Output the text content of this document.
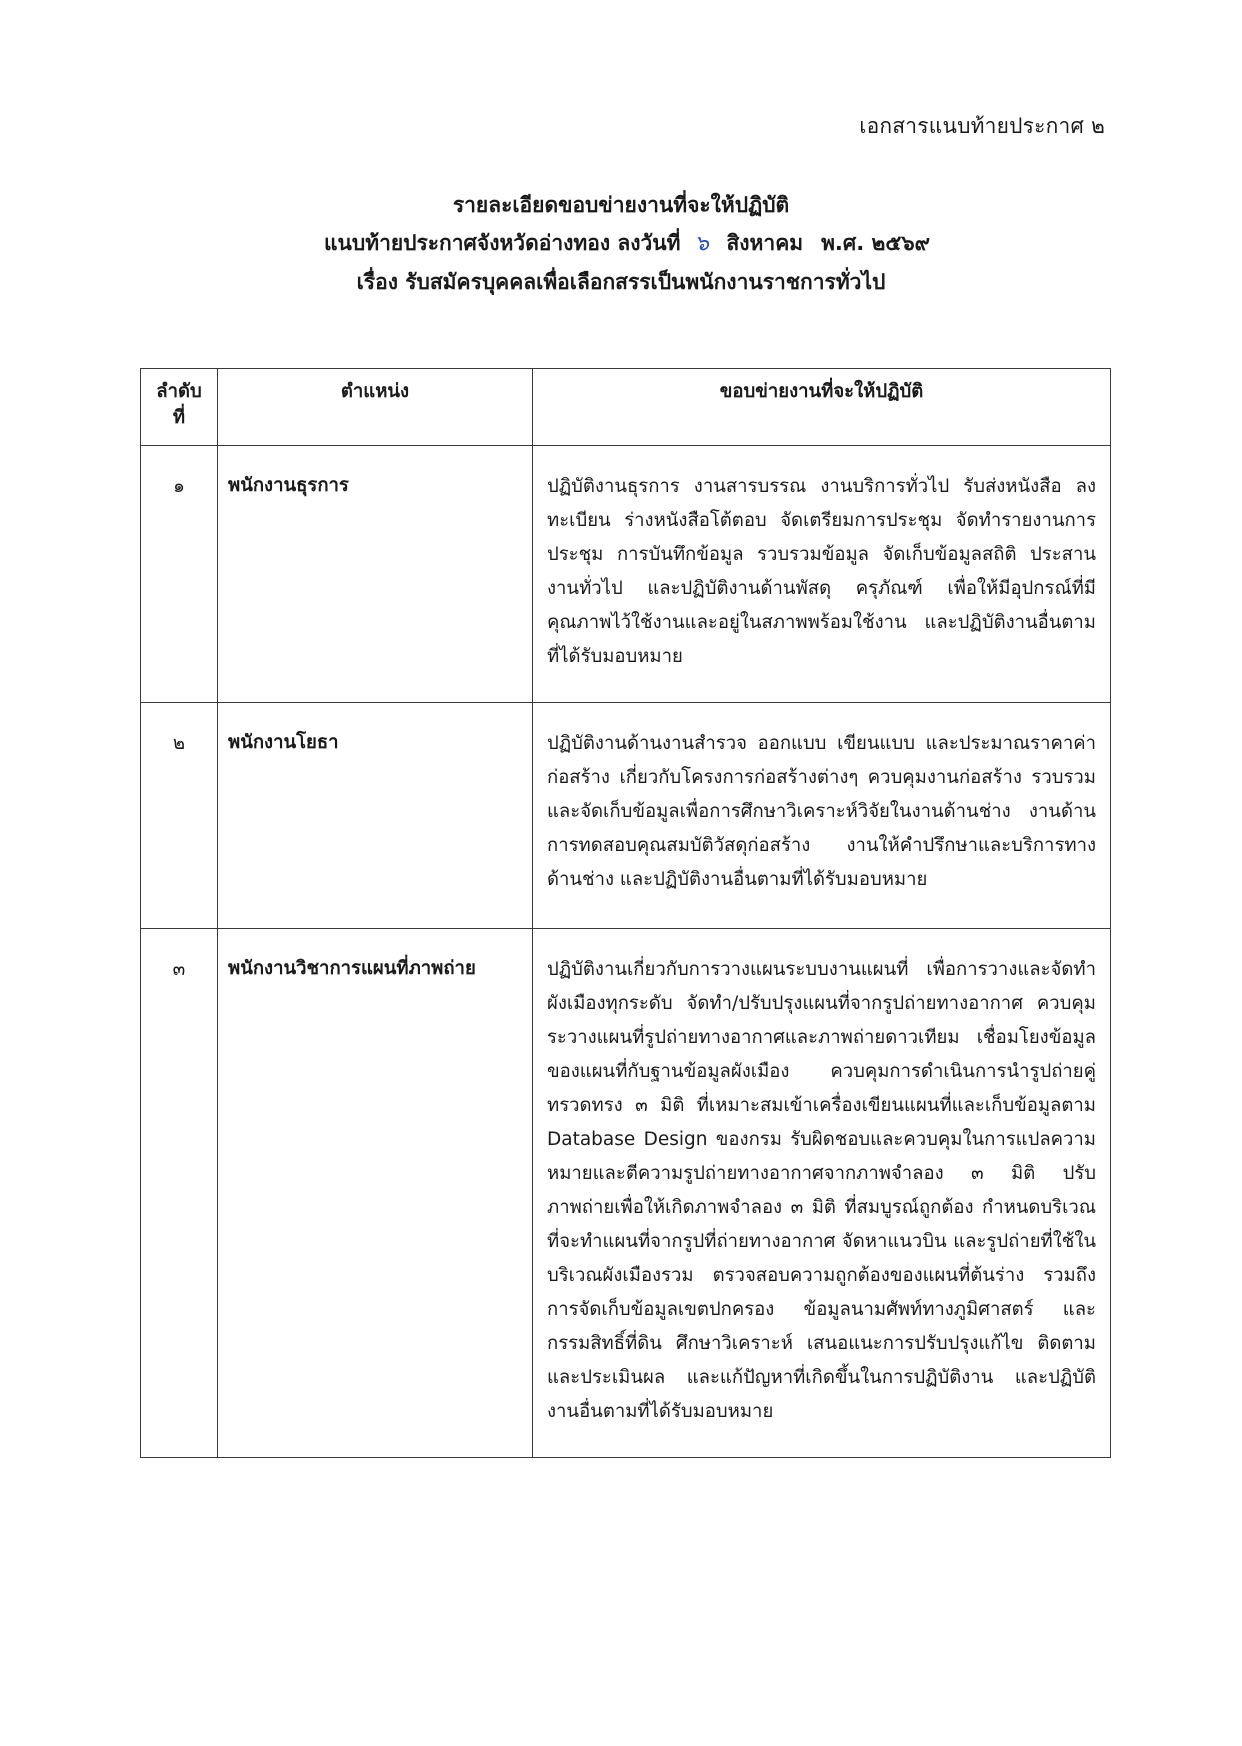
เอกสารแนบท้ายประกาศ ๒
รายละเอียดขอบข่ายงานที่จะให้ปฏิบัติ
แนบท้ายประกาศจังหวัดอ่างทอง ลงวันที่ ๖ สิงหาคม พ.ศ. ๒๕๖๙
เรื่อง รับสมัครบุคคลเพื่อเลือกสรรเป็นพนักงานราชการทั่วไป
ลำดับ ที่	ตำแหน่ง	ขอบข่ายงานที่จะให้ปฏิบัติ
๑	พนักงานธุรการ	ปฏิบัติงานธุรการ งานสารบรรณ งานบริการทั่วไป รับส่งหนังสือ ลงทะเบียน ร่างหนังสือโต้ตอบ จัดเตรียมการประชุม จัดทำรายงานการประชุม การบันทึกข้อมูล รวบรวมข้อมูล จัดเก็บข้อมูลสถิติ ประสานงานทั่วไป และปฏิบัติงานด้านพัสดุ ครุภัณฑ์ เพื่อให้มีอุปกรณ์ที่มีคุณภาพไว้ใช้งานและอยู่ในสภาพพร้อมใช้งาน และปฏิบัติงานอื่นตามที่ได้รับมอบหมาย
๒	พนักงานโยธา	ปฏิบัติงานด้านงานสำรวจ ออกแบบ เขียนแบบ และประมาณราคาค่าก่อสร้าง เกี่ยวกับโครงการก่อสร้างต่างๆ ควบคุมงานก่อสร้าง รวบรวมและจัดเก็บข้อมูลเพื่อการศึกษาวิเคราะห์วิจัยในงานด้านช่าง งานด้านการทดสอบคุณสมบัติวัสดุก่อสร้าง งานให้คำปรึกษาและบริการทางด้านช่าง และปฏิบัติงานอื่นตามที่ได้รับมอบหมาย
๓	พนักงานวิชาการแผนที่ภาพถ่าย	ปฏิบัติงานเกี่ยวกับการวางแผนระบบงานแผนที่ เพื่อการวางและจัดทำผังเมืองทุกระดับ จัดทำ/ปรับปรุงแผนที่จากรูปถ่ายทางอากาศ ควบคุมระวางแผนที่รูปถ่ายทางอากาศและภาพถ่ายดาวเทียม เชื่อมโยงข้อมูลของแผนที่กับฐานข้อมูลผังเมือง ควบคุมการดำเนินการนำรูปถ่ายคู่ทรวดทรง ๓ มิติ ที่เหมาะสมเข้าเครื่องเขียนแผนที่และเก็บข้อมูลตาม Database Design ของกรม รับผิดชอบและควบคุมในการแปลความหมายและตีความรูปถ่ายทางอากาศจากภาพจำลอง ๓ มิติ ปรับภาพถ่ายเพื่อให้เกิดภาพจำลอง ๓ มิติ ที่สมบูรณ์ถูกต้อง กำหนดบริเวณที่จะทำแผนที่จากรูปที่ถ่ายทางอากาศ จัดหาแนวบิน และรูปถ่ายที่ใช้ในบริเวณผังเมืองรวม ตรวจสอบความถูกต้องของแผนที่ต้นร่าง รวมถึงการจัดเก็บข้อมูลเขตปกครอง ข้อมูลนามศัพท์ทางภูมิศาสตร์ และกรรมสิทธิ์ที่ดิน ศึกษาวิเคราะห์ เสนอแนะการปรับปรุงแก้ไข ติดตามและประเมินผล และแก้ปัญหาที่เกิดขึ้นในการปฏิบัติงาน และปฏิบัติงานอื่นตามที่ได้รับมอบหมาย
